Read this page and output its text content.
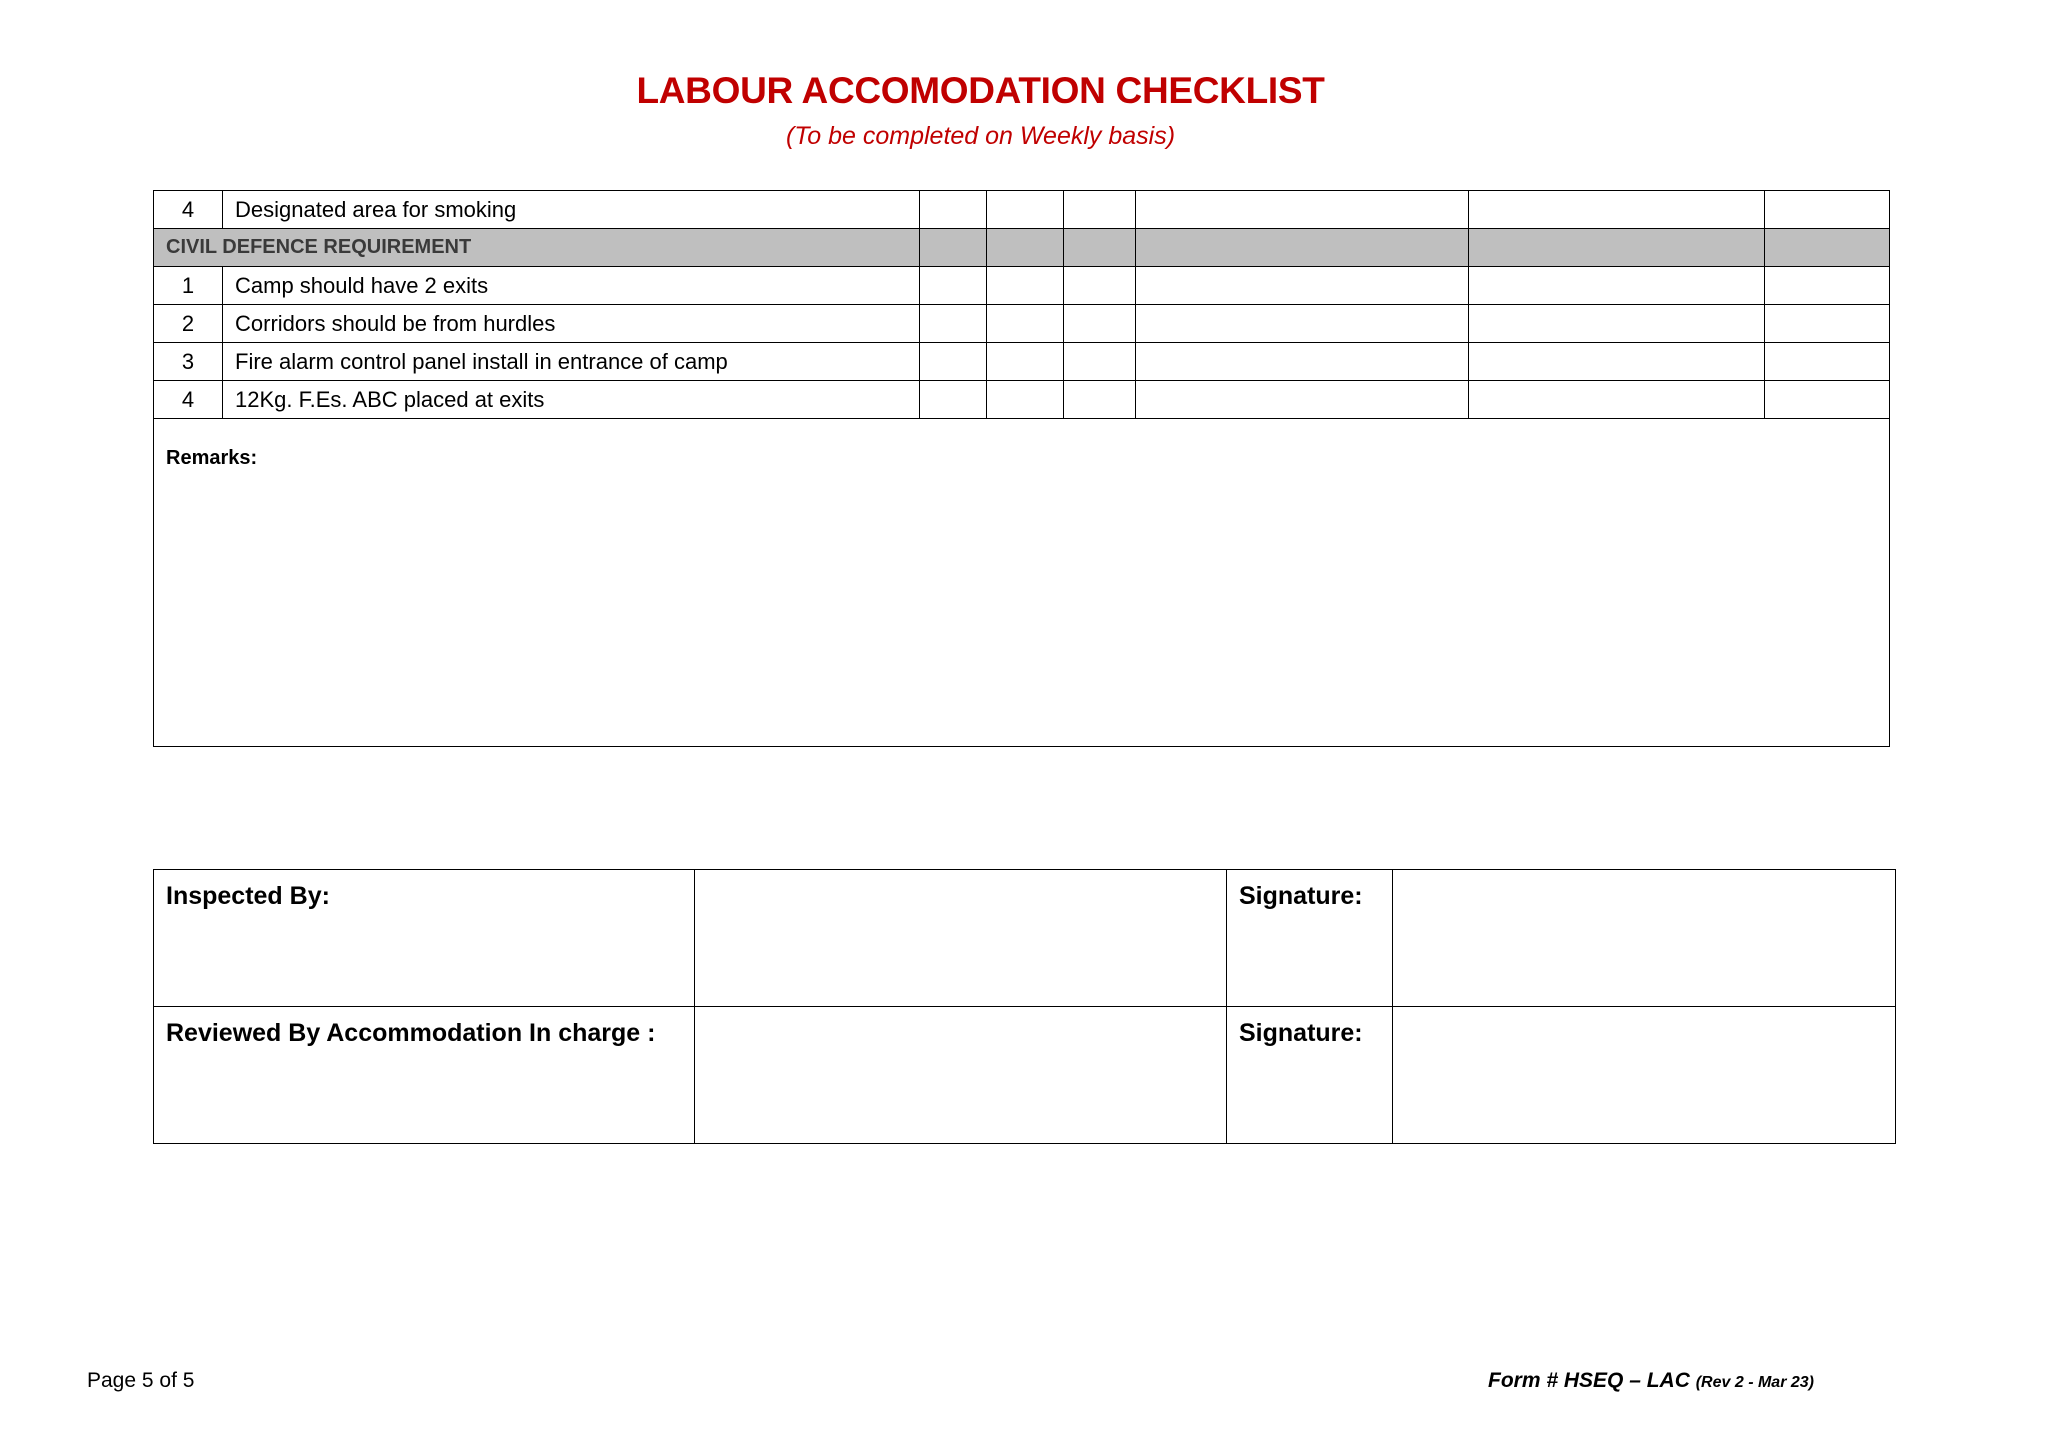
LABOUR ACCOMODATION CHECKLIST
(To be completed on Weekly basis)
4	Designated area for smoking						
CIVIL DEFENCE REQUIREMENT							
1	Camp should have 2 exits						
2	Corridors should be from hurdles						
3	Fire alarm control panel install in entrance of camp						
4	12Kg. F.Es. ABC placed at exits						
Remarks:							
Inspected By:		Signature:	
Reviewed By Accommodation In charge :		Signature:	
Page 5 of 5	Form # HSEQ – LAC (Rev 2 - Mar 23)
